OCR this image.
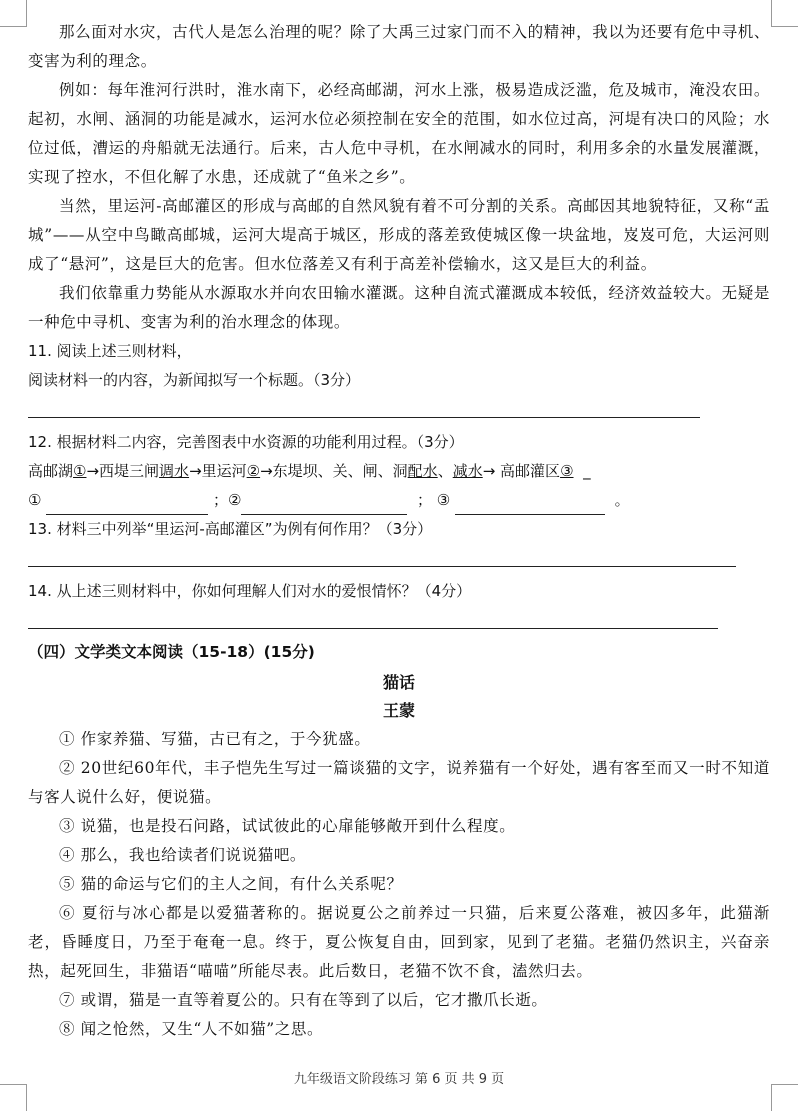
那么面对水灾，古代人是怎么治理的呢？除了大禹三过家门而不入的精神，我以为还要有危中寻机、变害为利的理念。

例如：每年淮河行洪时，淮水南下，必经高邮湖，河水上涨，极易造成泛滥，危及城市，淹没农田。起初，水闸、涵洞的功能是减水，运河水位必须控制在安全的范围，如水位过高，河堤有决口的风险；水位过低，漕运的舟船就无法通行。后来，古人危中寻机，在水闸减水的同时，利用多余的水量发展灌溉，实现了控水，不但化解了水患，还成就了“鱼米之乡”。

当然，里运河-高邮灌区的形成与高邮的自然风貌有着不可分割的关系。高邮因其地貌特征，又称“盂城”——从空中鸟瞰高邮城，运河大堤高于城区，形成的落差致使城区像一块盆地，岌岌可危，大运河则成了“悬河”，这是巨大的危害。但水位落差又有利于高差补偿输水，这又是巨大的利益。

我们依靠重力势能从水源取水并向农田输水灌溉。这种自流式灌溉成本较低，经济效益较大。无疑是一种危中寻机、变害为利的治水理念的体现。

11. 阅读上述三则材料，

阅读材料一的内容，为新闻拟写一个标题。（3分）

12. 根据材料二内容，完善图表中水资源的功能利用过程。（3分）

高邮湖①→西堤三闸调水→里运河②→东堤坝、关、闸、洞配水、减水→ 高邮灌区③ _

①	；②	； ③	。

13. 材料三中列举“里运河-高邮灌区”为例有何作用？（3分）

14. 从上述三则材料中，你如何理解人们对水的爱恨情怀？（4分）

（四）文学类文本阅读（15-18）(15分)

猫话

王蒙

① 作家养猫、写猫，古已有之，于今犹盛。

② 20世纪60年代，丰子恺先生写过一篇谈猫的文字，说养猫有一个好处，遇有客至而又一时不知道与客人说什么好，便说猫。

③ 说猫，也是投石问路，试试彼此的心扉能够敞开到什么程度。

④ 那么，我也给读者们说说猫吧。

⑤ 猫的命运与它们的主人之间，有什么关系呢？

⑥ 夏衍与冰心都是以爱猫著称的。据说夏公之前养过一只猫，后来夏公落难，被囚多年，此猫渐老，昏睡度日，乃至于奄奄一息。终于，夏公恢复自由，回到家，见到了老猫。老猫仍然识主，兴奋亲热，起死回生，非猫语“喵喵”所能尽表。此后数日，老猫不饮不食，溘然归去。

⑦ 或谓，猫是一直等着夏公的。只有在等到了以后，它才撒爪长逝。

⑧ 闻之怆然，又生“人不如猫”之思。

九年级语文阶段练习 第 6 页 共 9 页
